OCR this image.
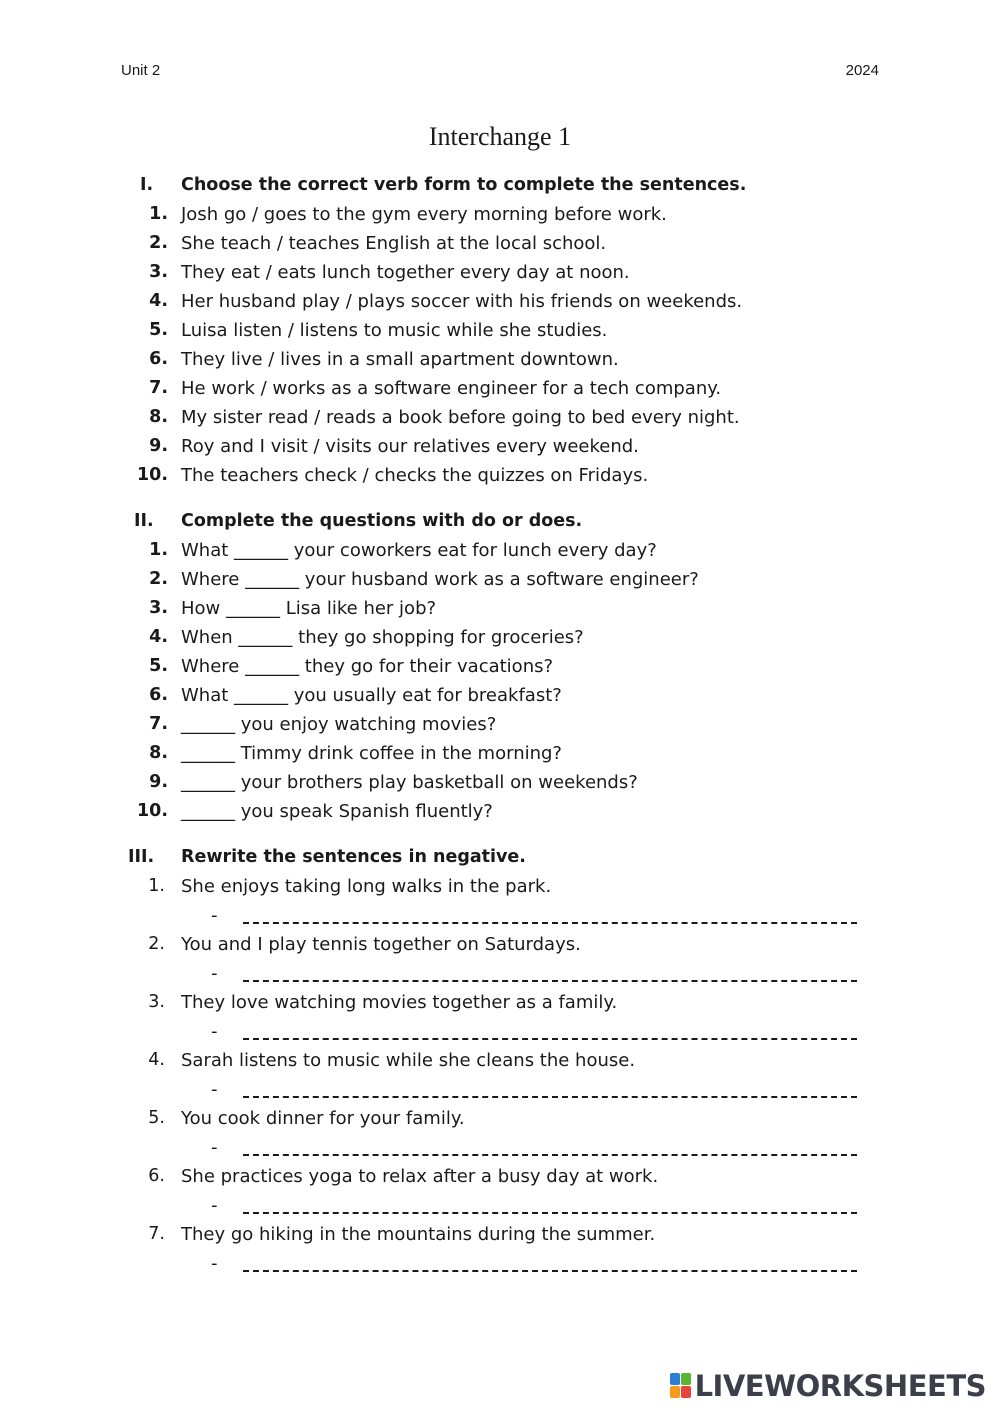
Unit 2	2024
Interchange 1
I. Choose the correct verb form to complete the sentences.
1. Josh go / goes to the gym every morning before work.
2. She teach / teaches English at the local school.
3. They eat / eats lunch together every day at noon.
4. Her husband play / plays soccer with his friends on weekends.
5. Luisa listen / listens to music while she studies.
6. They live / lives in a small apartment downtown.
7. He work / works as a software engineer for a tech company.
8. My sister read / reads a book before going to bed every night.
9. Roy and I visit / visits our relatives every weekend.
10. The teachers check / checks the quizzes on Fridays.
II. Complete the questions with do or does.
1. What ______ your coworkers eat for lunch every day?
2. Where ______ your husband work as a software engineer?
3. How ______ Lisa like her job?
4. When ______ they go shopping for groceries?
5. Where ______ they go for their vacations?
6. What ______ you usually eat for breakfast?
7. ______ you enjoy watching movies?
8. ______ Timmy drink coffee in the morning?
9. ______ your brothers play basketball on weekends?
10. ______ you speak Spanish fluently?
III. Rewrite the sentences in negative.
1. She enjoys taking long walks in the park.
-
2. You and I play tennis together on Saturdays.
-
3. They love watching movies together as a family.
-
4. Sarah listens to music while she cleans the house.
-
5. You cook dinner for your family.
-
6. She practices yoga to relax after a busy day at work.
-
7. They go hiking in the mountains during the summer.
-
LIVEWORKSHEETS
